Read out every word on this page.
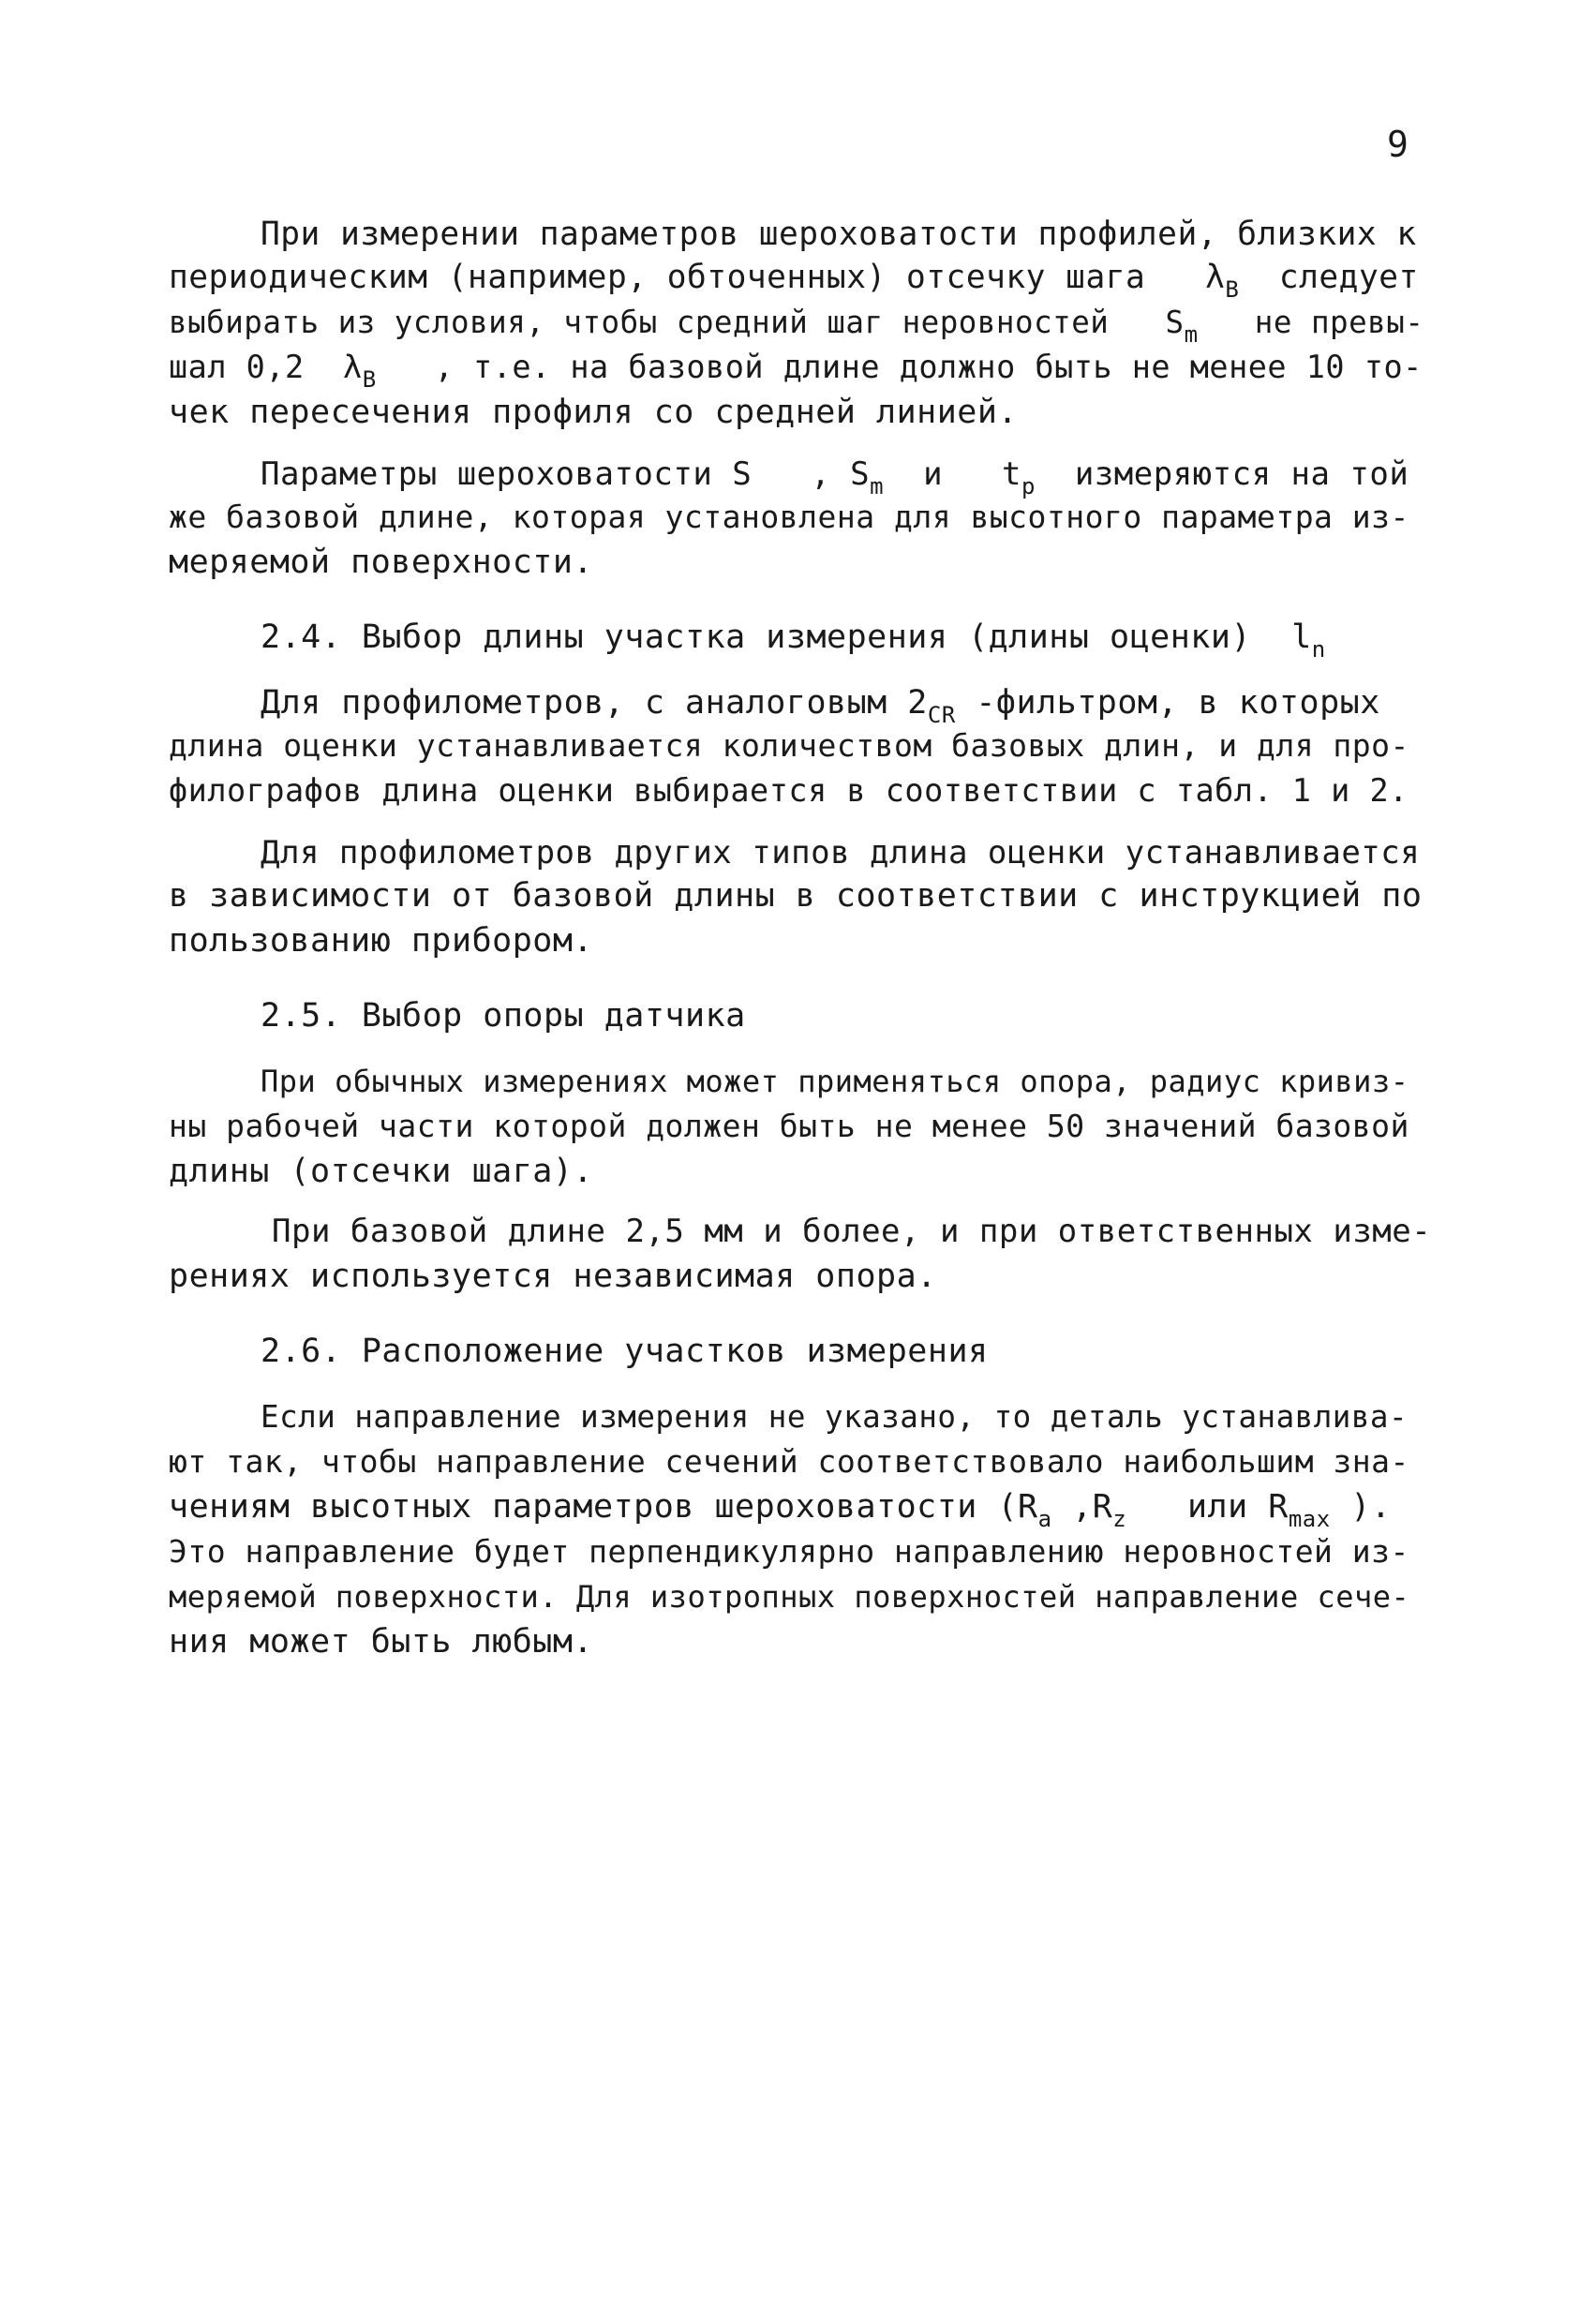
9
При измерении параметров шероховатости профилей, близких к
периодическим (например, обточенных) отсечку шага $\lambda_B$ следует
выбирать из условия, чтобы средний шаг неровностей $S_m$ не превы-
шал 0,2 $\lambda_B$ , т.е. на базовой длине должно быть не менее 10 то-
чек пересечения профиля со средней линией.
Параметры шероховатости S , $S_m$ и $t_p$ измеряются на той
же базовой длине, которая установлена для высотного параметра из-
меряемой поверхности.
2.4. Выбор длины участка измерения (длины оценки) $l_n$
Для профилометров, с аналоговым $2_{CR}$ -фильтром, в которых
длина оценки устанавливается количеством базовых длин, и для про-
филографов длина оценки выбирается в соответствии с табл. 1 и 2.
Для профилометров других типов длина оценки устанавливается
в зависимости от базовой длины в соответствии с инструкцией по
пользованию прибором.
2.5. Выбор опоры датчика
При обычных измерениях может применяться опора, радиус кривиз-
ны рабочей части которой должен быть не менее 50 значений базовой
длины (отсечки шага).
При базовой длине 2,5 мм и более, и при ответственных изме-
рениях используется независимая опора.
2.6. Расположение участков измерения
Если направление измерения не указано, то деталь устанавлива-
ют так, чтобы направление сечений соответствовало наибольшим зна-
чениям высотных параметров шероховатости ($R_a$ $,R_z$ или $R_{max}$ ).
Это направление будет перпендикулярно направлению неровностей из-
меряемой поверхности. Для изотропных поверхностей направление сече-
ния может быть любым.
